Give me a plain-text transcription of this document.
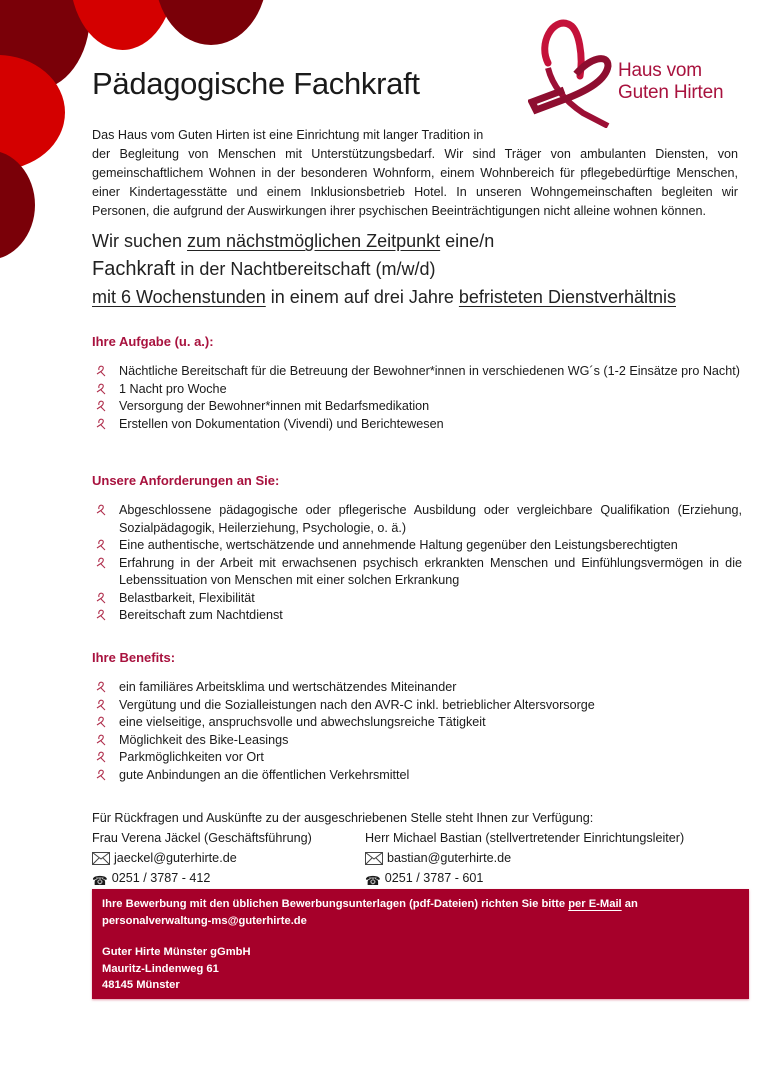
Haus vom
Guten Hirten
Pädagogische Fachkraft

Das Haus vom Guten Hirten ist eine Einrichtung mit langer Tradition in

der Begleitung von Menschen mit Unterstützungsbedarf. Wir sind Träger von ambulanten Diensten, von gemeinschaftlichem Wohnen in der besonderen Wohnform, einem Wohnbereich für pflegebedürftige Menschen, einer Kindertagesstätte und einem Inklusionsbetrieb Hotel. In unseren Wohngemeinschaften begleiten wir Personen, die aufgrund der Auswirkungen ihrer psychischen Beeinträchtigungen nicht alleine wohnen können.

Wir suchen zum nächstmöglichen Zeitpunkt eine/n
Fachkraft in der Nachtbereitschaft (m/w/d)
mit 6 Wochenstunden in einem auf drei Jahre befristeten Dienstverhältnis
Ihre Aufgabe (u. a.):
Nächtliche Bereitschaft für die Betreuung der Bewohner*innen in verschiedenen WG´s (1-2 Einsätze pro Nacht)
1 Nacht pro Woche
Versorgung der Bewohner*innen mit Bedarfsmedikation
Erstellen von Dokumentation (Vivendi) und Berichtewesen
Unsere Anforderungen an Sie:
Abgeschlossene pädagogische oder pflegerische Ausbildung oder vergleichbare Qualifikation (Erziehung, Sozialpädagogik, Heilerziehung, Psychologie, o. ä.)
Eine authentische, wertschätzende und annehmende Haltung gegenüber den Leistungsberechtigten
Erfahrung in der Arbeit mit erwachsenen psychisch erkrankten Menschen und Einfühlungsvermögen in die Lebenssituation von Menschen mit einer solchen Erkrankung
Belastbarkeit, Flexibilität
Bereitschaft zum Nachtdienst
Ihre Benefits:
ein familiäres Arbeitsklima und wertschätzendes Miteinander
Vergütung und die Sozialleistungen nach den AVR-C inkl. betrieblicher Altersvorsorge
eine vielseitige, anspruchsvolle und abwechslungsreiche Tätigkeit
Möglichkeit des Bike-Leasings
Parkmöglichkeiten vor Ort
gute Anbindungen an die öffentlichen Verkehrsmittel
Für Rückfragen und Auskünfte zu der ausgeschriebenen Stelle steht Ihnen zur Verfügung:
Frau Verena Jäckel (Geschäftsführung)	Herr Michael Bastian (stellvertretender Einrichtungsleiter)
jaeckel@guterhirte.de	bastian@guterhirte.de
☎ 0251 / 3787 - 412	☎ 0251 / 3787 - 601

Ihre Bewerbung mit den üblichen Bewerbungsunterlagen (pdf-Dateien) richten Sie bitte per E-Mail an

personalverwaltung-ms@guterhirte.de

Guter Hirte Münster gGmbH

Mauritz-Lindenweg 61

48145 Münster
